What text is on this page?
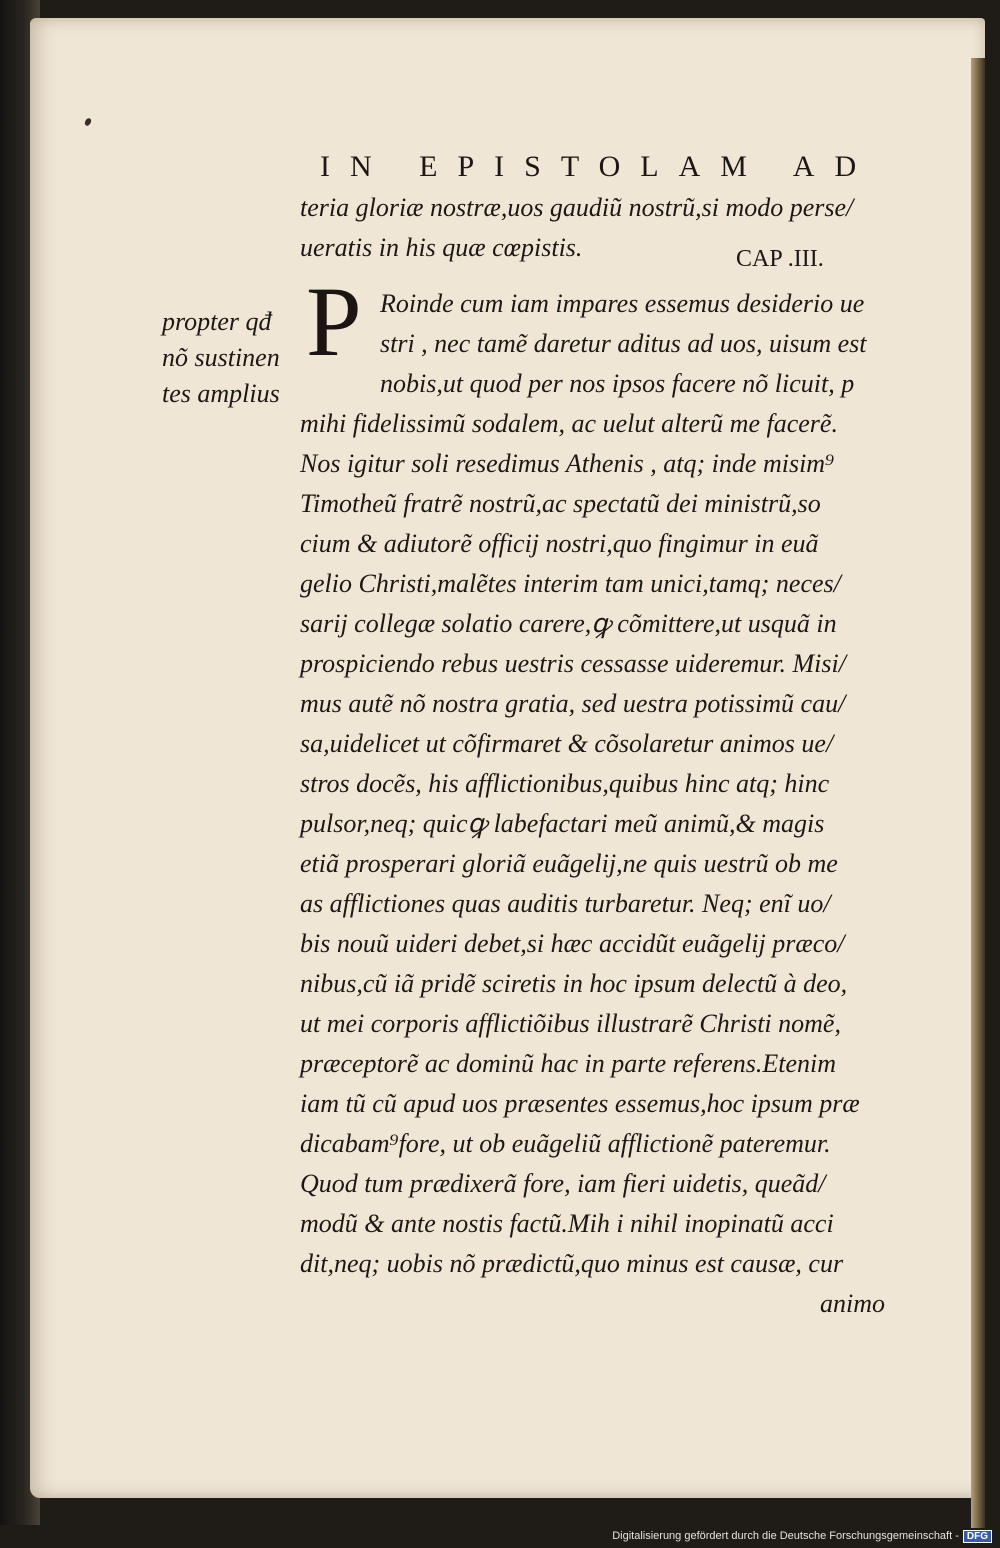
IN EPISTOLAM AD
teria gloriæ nostræ,uos gaudiũ nostrũ,si modo perse/
ueratis in his quæ cœpistis.	CAP .III.
P Roinde cum iam impares essemus desiderio ue
stri , nec tamẽ daretur aditus ad uos, uisum est
nobis,ut quod per nos ipsos facere nõ licuit, p
propter qđ
nõ sustinen
tes amplius
mihi fidelissimũ sodalem, ac uelut alterũ me facerẽ.
Nos igitur soli resedimus Athenis , atq; inde misim⁹
Timotheũ fratrẽ nostrũ,ac spectatũ dei ministrũ,so
cium & adiutorẽ officij nostri,quo fingimur in euã
gelio Christi,malẽtes interim tam unici,tamq; neces/
sarij collegæ solatio carere,ꝙ cõmittere,ut usquã in
prospiciendo rebus uestris cessasse uideremur. Misi/
mus autẽ nõ nostra gratia, sed uestra potissimũ cau/
sa,uidelicet ut cõfirmaret & cõsolaretur animos ue/
stros docẽs, his afflictionibus,quibus hinc atq; hinc
pulsor,neq; quicꝙ labefactari meũ animũ,& magis
etiã prosperari gloriã euãgelij,ne quis uestrũ ob me
as afflictiones quas auditis turbaretur. Neq; enĩ uo/
bis nouũ uideri debet,si hæc accidũt euãgelij præco/
nibus,cũ iã pridẽ sciretis in hoc ipsum delectũ à deo,
ut mei corporis afflictiõibus illustrarẽ Christi nomẽ,
præceptorẽ ac dominũ hac in parte referens.Etenim
iam tũ cũ apud uos præsentes essemus,hoc ipsum præ
dicabam⁹fore, ut ob euãgeliũ afflictionẽ pateremur.
Quod tum prædixerã fore, iam fieri uidetis, queãd/
modũ & ante nostis factũ.Mih i nihil inopinatũ acci
dit,neq; uobis nõ prædictũ,quo minus est causæ, cur
animo
Digitalisierung gefördert durch die Deutsche Forschungsgemeinschaft - DFG
